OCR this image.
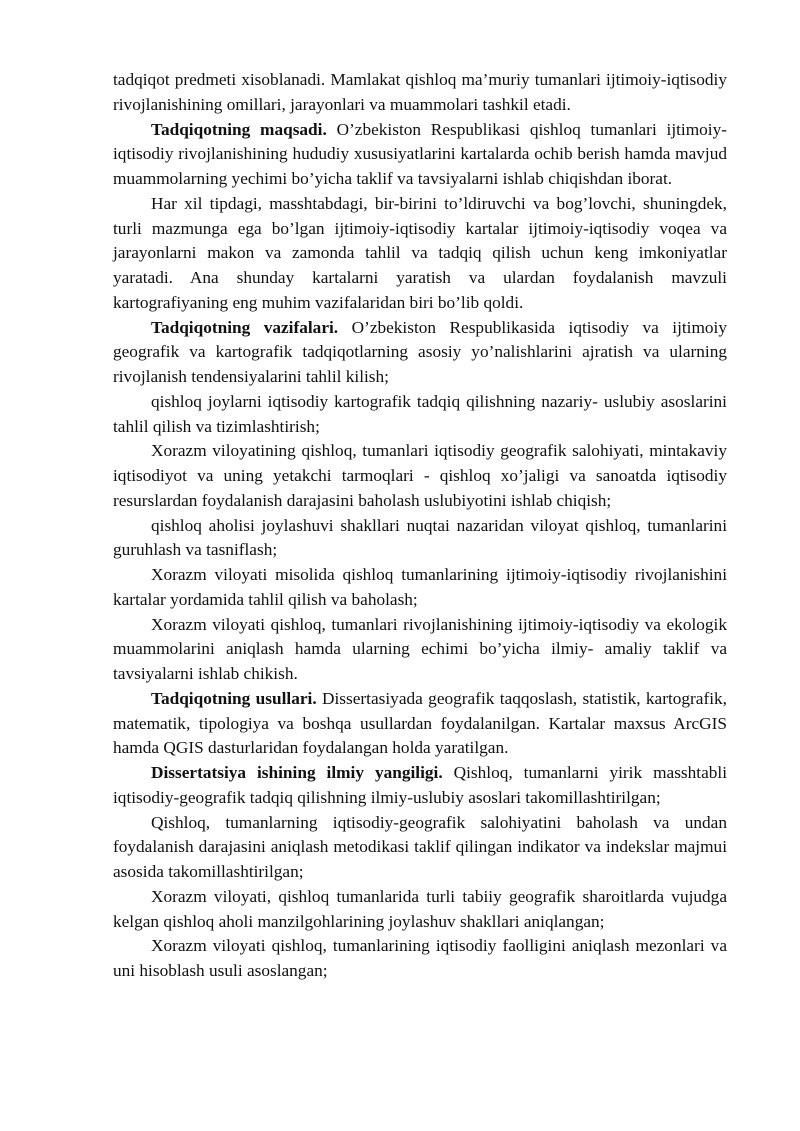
tadqiqot predmeti xisoblanadi. Mamlakat qishloq ma’muriy tumanlari ijtimoiy-iqtisodiy rivojlanishining omillari, jarayonlari va muammolari tashkil etadi.

Tadqiqotning maqsadi. O’zbekiston Respublikasi qishloq tumanlari ijtimoiy-iqtisodiy rivojlanishining hududiy xususiyatlarini kartalarda ochib berish hamda mavjud muammolarning yechimi bo’yicha taklif va tavsiyalarni ishlab chiqishdan iborat.

Har xil tipdagi, masshtabdagi, bir-birini to’ldiruvchi va bog’lovchi, shuningdek, turli mazmunga ega bo’lgan ijtimoiy-iqtisodiy kartalar ijtimoiy-iqtisodiy voqea va jarayonlarni makon va zamonda tahlil va tadqiq qilish uchun keng imkoniyatlar yaratadi. Ana shunday kartalarni yaratish va ulardan foydalanish mavzuli kartografiyaning eng muhim vazifalaridan biri bo’lib qoldi.

Tadqiqotning vazifalari. O’zbekiston Respublikasida iqtisodiy va ijtimoiy geografik va kartografik tadqiqotlarning asosiy yo’nalishlarini ajratish va ularning rivojlanish tendensiyalarini tahlil kilish;

qishloq joylarni iqtisodiy kartografik tadqiq qilishning nazariy- uslubiy asoslarini tahlil qilish va tizimlashtirish;

Xorazm viloyatining qishloq, tumanlari iqtisodiy geografik salohiyati, mintakaviy iqtisodiyot va uning yetakchi tarmoqlari - qishloq xo’jaligi va sanoatda iqtisodiy resurslardan foydalanish darajasini baholash uslubiyotini ishlab chiqish;

qishloq aholisi joylashuvi shakllari nuqtai nazaridan viloyat qishloq, tumanlarini guruhlash va tasniflash;

Xorazm viloyati misolida qishloq tumanlarining ijtimoiy-iqtisodiy rivojlanishini kartalar yordamida tahlil qilish va baholash;

Xorazm viloyati qishloq, tumanlari rivojlanishining ijtimoiy-iqtisodiy va ekologik muammolarini aniqlash hamda ularning echimi bo’yicha ilmiy- amaliy taklif va tavsiyalarni ishlab chikish.

Tadqiqotning usullari. Dissertasiyada geografik taqqoslash, statistik, kartografik, matematik, tipologiya va boshqa usullardan foydalanilgan. Kartalar maxsus ArcGIS hamda QGIS dasturlaridan foydalangan holda yaratilgan.

Dissertatsiya ishining ilmiy yangiligi. Qishloq, tumanlarni yirik masshtabli iqtisodiy-geografik tadqiq qilishning ilmiy-uslubiy asoslari takomillashtirilgan;

Qishloq, tumanlarning iqtisodiy-geografik salohiyatini baholash va undan foydalanish darajasini aniqlash metodikasi taklif qilingan indikator va indekslar majmui asosida takomillashtirilgan;

Xorazm viloyati, qishloq tumanlarida turli tabiiy geografik sharoitlarda vujudga kelgan qishloq aholi manzilgohlarining joylashuv shakllari aniqlangan;

Xorazm viloyati qishloq, tumanlarining iqtisodiy faolligini aniqlash mezonlari va uni hisoblash usuli asoslangan;
